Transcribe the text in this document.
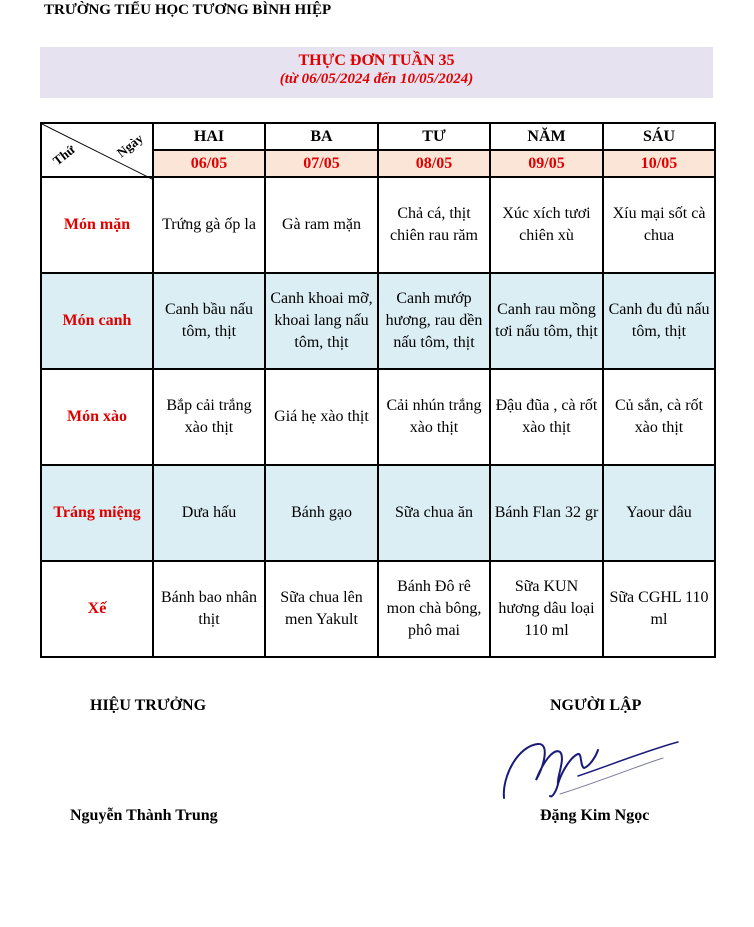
TRƯỜNG TIỂU HỌC TƯƠNG BÌNH HIỆP
THỰC ĐƠN TUẦN 35
(từ 06/05/2024 đến 10/05/2024)
Thứ Ngày	HAI	BA	TƯ	NĂM	SÁU
	06/05	07/05	08/05	09/05	10/05
Món mặn	Trứng gà ốp la	Gà ram mặn	Chả cá, thịt chiên rau răm	Xúc xích tươi chiên xù	Xíu mại sốt cà chua
Món canh	Canh bầu nấu tôm, thịt	Canh khoai mỡ, khoai lang nấu tôm, thịt	Canh mướp hương, rau dền nấu tôm, thịt	Canh rau mồng tơi nấu tôm, thịt	Canh đu đủ nấu tôm, thịt
Món xào	Bắp cải trắng xào thịt	Giá hẹ xào thịt	Cải nhún trắng xào thịt	Đậu đũa , cà rốt xào thịt	Củ sắn, cà rốt xào thịt
Tráng miệng	Dưa hấu	Bánh gạo	Sữa chua ăn	Bánh Flan 32 gr	Yaour dâu
Xế	Bánh bao nhân thịt	Sữa chua lên men Yakult	Bánh Đô rê mon chà bông, phô mai	Sữa KUN hương dâu loại 110 ml	Sữa CGHL 110 ml
HIỆU TRƯỞNG	NGƯỜI LẬP
Nguyễn Thành Trung	Đặng Kim Ngọc
